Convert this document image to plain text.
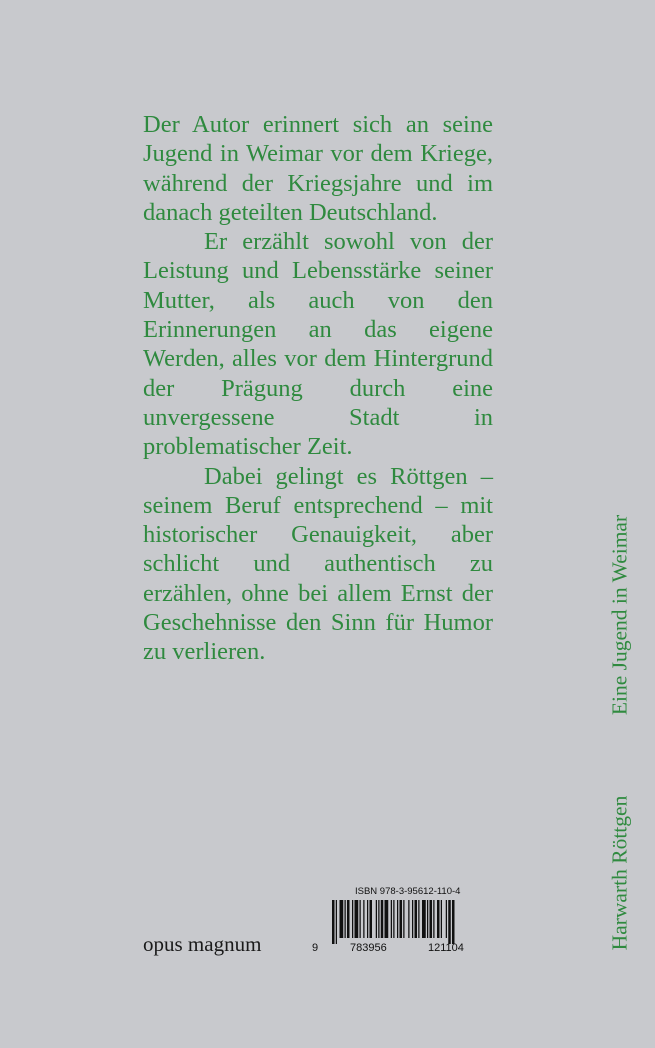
Der Autor erinnert sich an seine Jugend in Weimar vor dem Kriege, während der Kriegsjahre und im danach geteilten Deutschland.

Er erzählt sowohl von der Leistung und Lebensstärke seiner Mutter, als auch von den Erinnerungen an das eigene Werden, alles vor dem Hintergrund der Prägung durch eine unvergessene Stadt in problematischer Zeit.

Dabei gelingt es Röttgen – seinem Beruf entsprechend – mit historischer Genauigkeit, aber schlicht und authentisch zu erzählen, ohne bei allem Ernst der Geschehnisse den Sinn für Humor zu verlieren.

opus magnum
ISBN 978-3-95612-110-4
9	783956	121104
Eine Jugend in Weimar
Harwarth Röttgen
